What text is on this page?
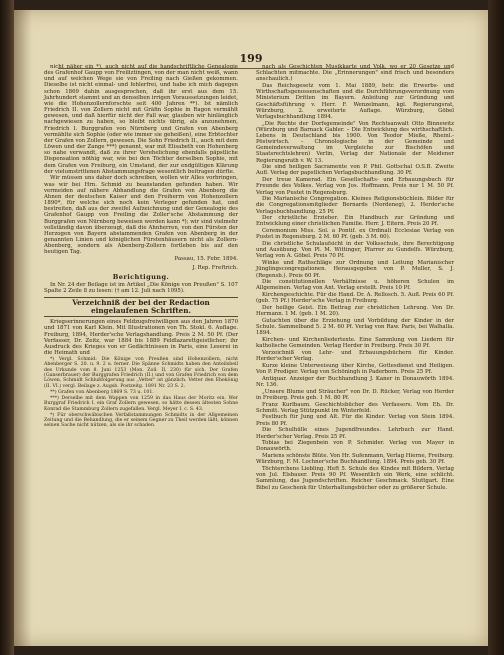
199

nicht näher ein *), auch nicht auf die handschriftliche Genealogie des Grafenhof Gaupp von Freiliztingen, von der man nicht weiß, wann und auf welchen Wege sie von Freiling nach Gießen gekommen. Dieselbe ist nicht einmal- und fehlerfrei, und habe ich mich dagegen schon 1869 dahin ausgesprochen, daß ihr erst aus dem 15. Jahrhundert stammt und an denselben irrigen Voraussetzungen leidet, wie die Hohenzollernforschte seit 400 Jahren **). Ist nämlich Friedrich II. von Zollern nicht mit Gräfin Sophie in Ragon vermählt gewesen, und daß hierfür nicht der Fall war, glauben wir hinlänglich nachgewiesen zu haben, so bleibt nichts übrig, als anzunehmen, Friedrich I. Burggrafen von Nürnberg und Grafen von Abenberg vermählte sich Sophie (oder wie immer sie geheißen), eine Erbtochter der Grafen von Zollern, gewesen. Die Sohn Friedrich II., auch mit dem Löwen und der Zange ***) genannt, war mit Elisabeth von Hohenberg so nahe verwandt, daß zu ihrer Verehelichung ebenfalls päpstliche Dispensation nöthig war, wie bei den Töchter derselben Sophie, mit dem Grafen von Freiburg, ein Umstand, der zur endgültigen Klärung der vielumstrittenen Abstammungsfrage wesentlich beitragen dürfte.

Wir müssen uns daher doch schreiben, wollen wir Alles vorbringen, was wir bei Hrn. Schmid zu beanstanden gefunden haben. Wir vermeiden auf nähere Abhandlung die Grafen von Abenberg die Ahnen der deutschen Kaiser und den Freiherrn von Hohenzollern 1890*, für welche sich noch kein Verleger gefunden hat, und bestreiten, daß aus der zweifel Aufzeichnung und der Genealogie des Grafenhof Gaupp von Freiling die Zoller'sche Abstammung der Burggrafen von Nürnberg beweisen werden kann *); wir sind vielmehr vollständig davon überzeugt, daß die Ahnherren, von den Fürsten der Herzogen von Bayern abstammenden Grafen von Abenberg in der genannten Linien und königlichen Fürstenhäusern nicht als Zollern-Abenberg, sondern als Abenberg-Zollern fortleben bis auf den heutigen Tag.

Passau, 15. Febr. 1894.

J. Rep. Freftrich.

Berichtigung.

In Nr. 24 der Beilage ist im Artikel „Die Könige von Preußen" S. 107 Spalte 2 Zeile 8 zu lesen: († am 12. Juli nach 1095).

Verzeichniß der bei der Redaction eingelaufenen Schriften.

Kriegserinnerungen eines Feldzugsfreiwilligen aus den Jahren 1870 und 1871 von Karl Klein. Mit Illustrationen von Th. Stokl. 6. Auflage. Freiburg, 1894, Herder'sche Verlagshandlung. Preis 2 M. 50 Pf. (Der Verfasser, Dr. Zeitz, war 1884 bis 1889 Feldlazarettgeistlicher; ihr Ausdruck des Krieges von er Gedächtnissen in Paris, eine Leserei in die Heimath und

*) Vergl. Schmid: Die Könige von Preußen sind Hohenzollern, nicht Abenberger S. 20. u. 9. 2 u. ferner. Die Spänne Schmidts haben den Anteilsbeil des Urkunde vom 8. Juni 1253 (Mon. Zoll. II, 230) für sich. Der Grafen (Ganserbrauer) der Burggrafen Friedrich (II.) und von Grafen Friedrich von dem Löwen, Schmidt Schlußfolgerung aus „Vetter" ist gänzlich. Vetter den Ehekönig (II. VI.) vergl. Beilage z. Augsb. Postzeitg. 1891 Nr. 23 S. 2.

**) Grafen von Abenberg 1869 S. 73 u. 101.

***) Derselbe mit dem Wappen von 1259 in das Haus der Moritz ein. Wer Burggraf Friedrich I. ein Graf Zollern gewesen, so hätte dessen ältesten Sohne Konrad die Stammburg Zollern zugefallen. Vergl. Meyer I. c. S. 43.

*) Für oberschwäbischen Verfaßstammungen Schmidts in der Allgemeinen Zeitung und die Behandlung, die er seinem Gegner zu Theil werden läßt, können seinen Sache nicht nützen, als sie ihr schaden.

nach als Geschichten Musikkarte und Volk, wo er 20 Gesetze und Schlachten mitmachte. Die „Erinnerungen" sind frisch und besonders anschaulich.)

Das Reichsgesetz vom 1. Mai 1889, betr. die Erwerbs- und Wirthschaftsgenossenschaften und die Durchführungsverordnung vom Ministerium Dritten im Bayern. Anleitung zur Gründung und Geschäftsführung v. Herr. F. Wenzelmann, kgl. Regierungsrat, Würzburg, 2. erweiterte Auflage. Würzburg, Göbel Verlagsbuchhandlung 1894.

„Die Rechte der Dorfsgemeinde" Von Rechtsanwalt Otto Binnewitz (Würzburg und Barnack Gabler. – Die Entwicklung des wirthschaftlich. Lebens in Deutschland bis 1900. Von Teodor Mieße, Rheinl.-Pöstwirtsch. – Chronologische in der Gemeinde und Gemeindeverwaltung im Vergleiche zur Bischöfen und Staatsrechtslehren) Verlin, Verlag der Nationale der Meidener Regierungsrath v. W. 13.

Die sind heiligen Sacramente von P. Phil. Gottschal O.S.B. Zweite Aufl. Verlag der papstlichen Verlagsbuchhandlung. 30 Pf.

Der treue Kamerad. Ein Gesellschafts- und Erbauungsbuch für Freunde des Volkes. Verlag von Jos. Hoffmann. Preis nur 1 M. 50 Pf. Verlag von Pustet in Regensburg.

Die Marianische Congregation. Kleines Religionsbüchlein. Bilder für die Congregationsmitglieder Bernards (Nordeneg), 2. Herder'sche Verlagsbuchhandlung. 25 Pf.

Der christliche Erzieher. Ein Handbuch zur Gründung und Entwicklung einer christlichen Familie. Herr. J. Eitern. Preis 20 Pf.

Ceremonium Miss. Sol. a Pontif. ex Ordinali Ecclesiae Verlag von Pustet in Regensburg. 2 M. 60 Pf. (geb. 3 M. 60).

Die christliche Schulaufsicht in der Volksschule, ihre Berechtigung und Ausübung. Von Pl. M. Wittinger, Pfarrer zu Gundelfs. Würzburg, Verlag von A. Göbel. Preis 70 Pf.

Winke und Rathschläge zur Ordnung und Leitung Marianischer Jünglingscongregationen. Herausgegeben von P. Muller, S. J. (Regensb.). Preis 60 Pf.

Die constitutionellen Verhältnisse u. höheren Schulen im Allgemeinen. Verlag von Ant. Verlag erstellt. Preis 10 Pf.

Kirchengeschichte. Für die Hand. Dr. A. Rellosch. 5. Aufl. Preis 60 Pf. (geb. 75 Pf.) Herder'sche Verlag in Freiburg.

Der heilige Geist. Ein Beitrag zur christlichen Lehrung. Von Dr. Hermann. 1 M. (geb. 1 M. 20).

Gutachten über die Erziehung und Vorbildung der Kinder in der Schule. Sammelband 5. 2 M. 60 Pf. Verlag von Raw. Paris, bei Walhalla. 1894.

Kirchen- und Kirchenliedertexte. Eine Sammlung von Liedern für katholische Gemeinden. Verlag Herder in Freiburg. Preis 30 Pf.

Verzeichniß von Lehr- und Erbauungsbüchern für Kinder. Herder'scher Verlag.

Kurze kleine Unterweisung über Kirche, Gottesdienst und Heiligen. Von P. Prediger. Verlag von Schöningh in Paderborn. Preis 25 Pf.

Antiquar. Anzeiger der Buchhandlung J. Kaner in Donauwörth 1894. Nr. 136.

„Unsere Blume und Sträucher" von Dr. D. Rücker, Verlag von Herder in Freiburg. Preis geb. 1 M. 80 Pf.

Franz Kurlbaum. Geschichtsbücher des Verfassers. Vom Eh. Dr. Schmitt. Verlag Stützpunkt im Winterfeld.

Festbuch für Jung und Alt. Für die Kinder. Verlag von Stein 1894. Preis 80 Pf.

Die Schulhülle eines Jugendfreundes. Lehrbuch zur Hand. Herder'scher Verlag. Preis 25 Pf.

Tobias bei Ziegenbein von P. Schmider. Verlag von Mayer in Donauwörth.

Mariens schönste Blüte. Von Hr. Sufenmann, Verlag Hierne, Freiburg. Würzburg, F. M. Lochner'sche Buchhandlung. 1894. Preis geb. 30 Pf.

Töchterchens Liebling. Heft 5. Schule des Kindes mit Bildern. Verlag von Jul. Elsbauer. Preis 90 Pf. Wesentlich ein Werk, eine schlicht. Sammlung, das Jugendschriften. Reicher Geschmack. Stuttgart. Eine Bibel zu Geschenk für Unterhaltungsbücher oder zu größerer Schule.
